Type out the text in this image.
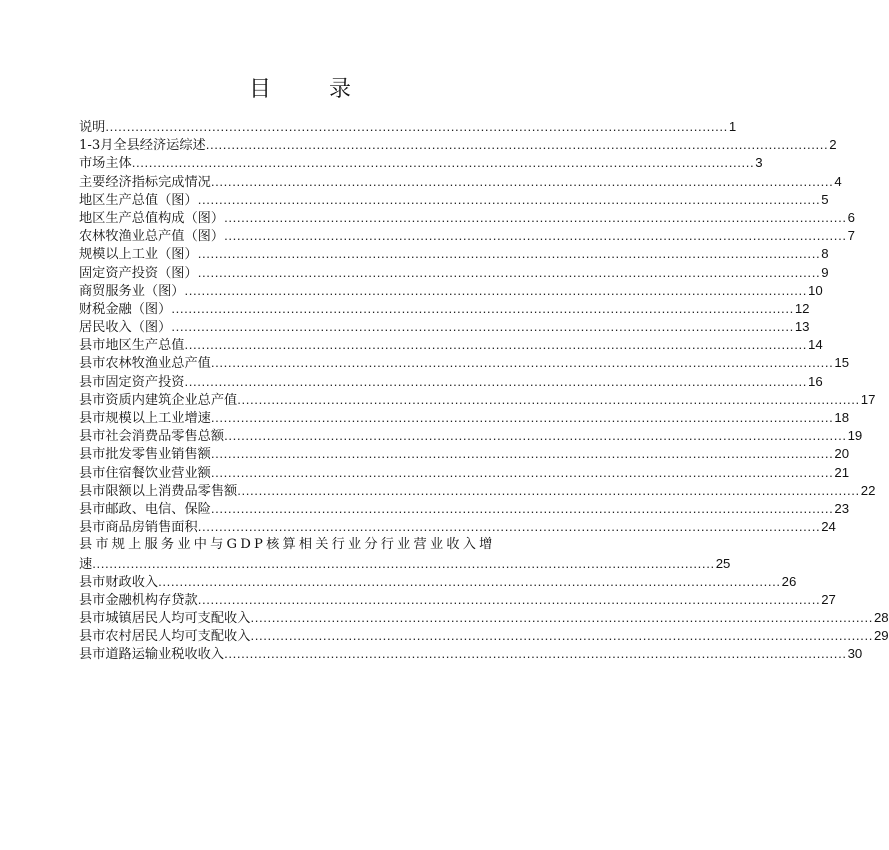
目　录
说明 .................................................................................................................................................. 1
1-3月全县经济运综述 .................................................................................................................................................. 2
市场主体 .................................................................................................................................................. 3
主要经济指标完成情况 .................................................................................................................................................. 4
地区生产总值（图） .................................................................................................................................................. 5
地区生产总值构成（图） .................................................................................................................................................. 6
农林牧渔业总产值（图） .................................................................................................................................................. 7
规模以上工业（图） .................................................................................................................................................. 8
固定资产投资（图） .................................................................................................................................................. 9
商贸服务业（图） .................................................................................................................................................. 10
财税金融（图） .................................................................................................................................................. 12
居民收入（图） .................................................................................................................................................. 13
县市地区生产总值 .................................................................................................................................................. 14
县市农林牧渔业总产值 .................................................................................................................................................. 15
县市固定资产投资 .................................................................................................................................................. 16
县市资质内建筑企业总产值 .................................................................................................................................................. 17
县市规模以上工业增速 .................................................................................................................................................. 18
县市社会消费品零售总额 .................................................................................................................................................. 19
县市批发零售业销售额 .................................................................................................................................................. 20
县市住宿餐饮业营业额 .................................................................................................................................................. 21
县市限额以上消费品零售额 .................................................................................................................................................. 22
县市邮政、电信、保险 .................................................................................................................................................. 23
县市商品房销售面积 .................................................................................................................................................. 24
县市规上服务业中与GDP核算相关行业分行业营业收入增
速 .................................................................................................................................................. 25
县市财政收入 .................................................................................................................................................. 26
县市金融机构存贷款 .................................................................................................................................................. 27
县市城镇居民人均可支配收入 .................................................................................................................................................. 28
县市农村居民人均可支配收入 .................................................................................................................................................. 29
县市道路运输业税收收入 .................................................................................................................................................. 30
